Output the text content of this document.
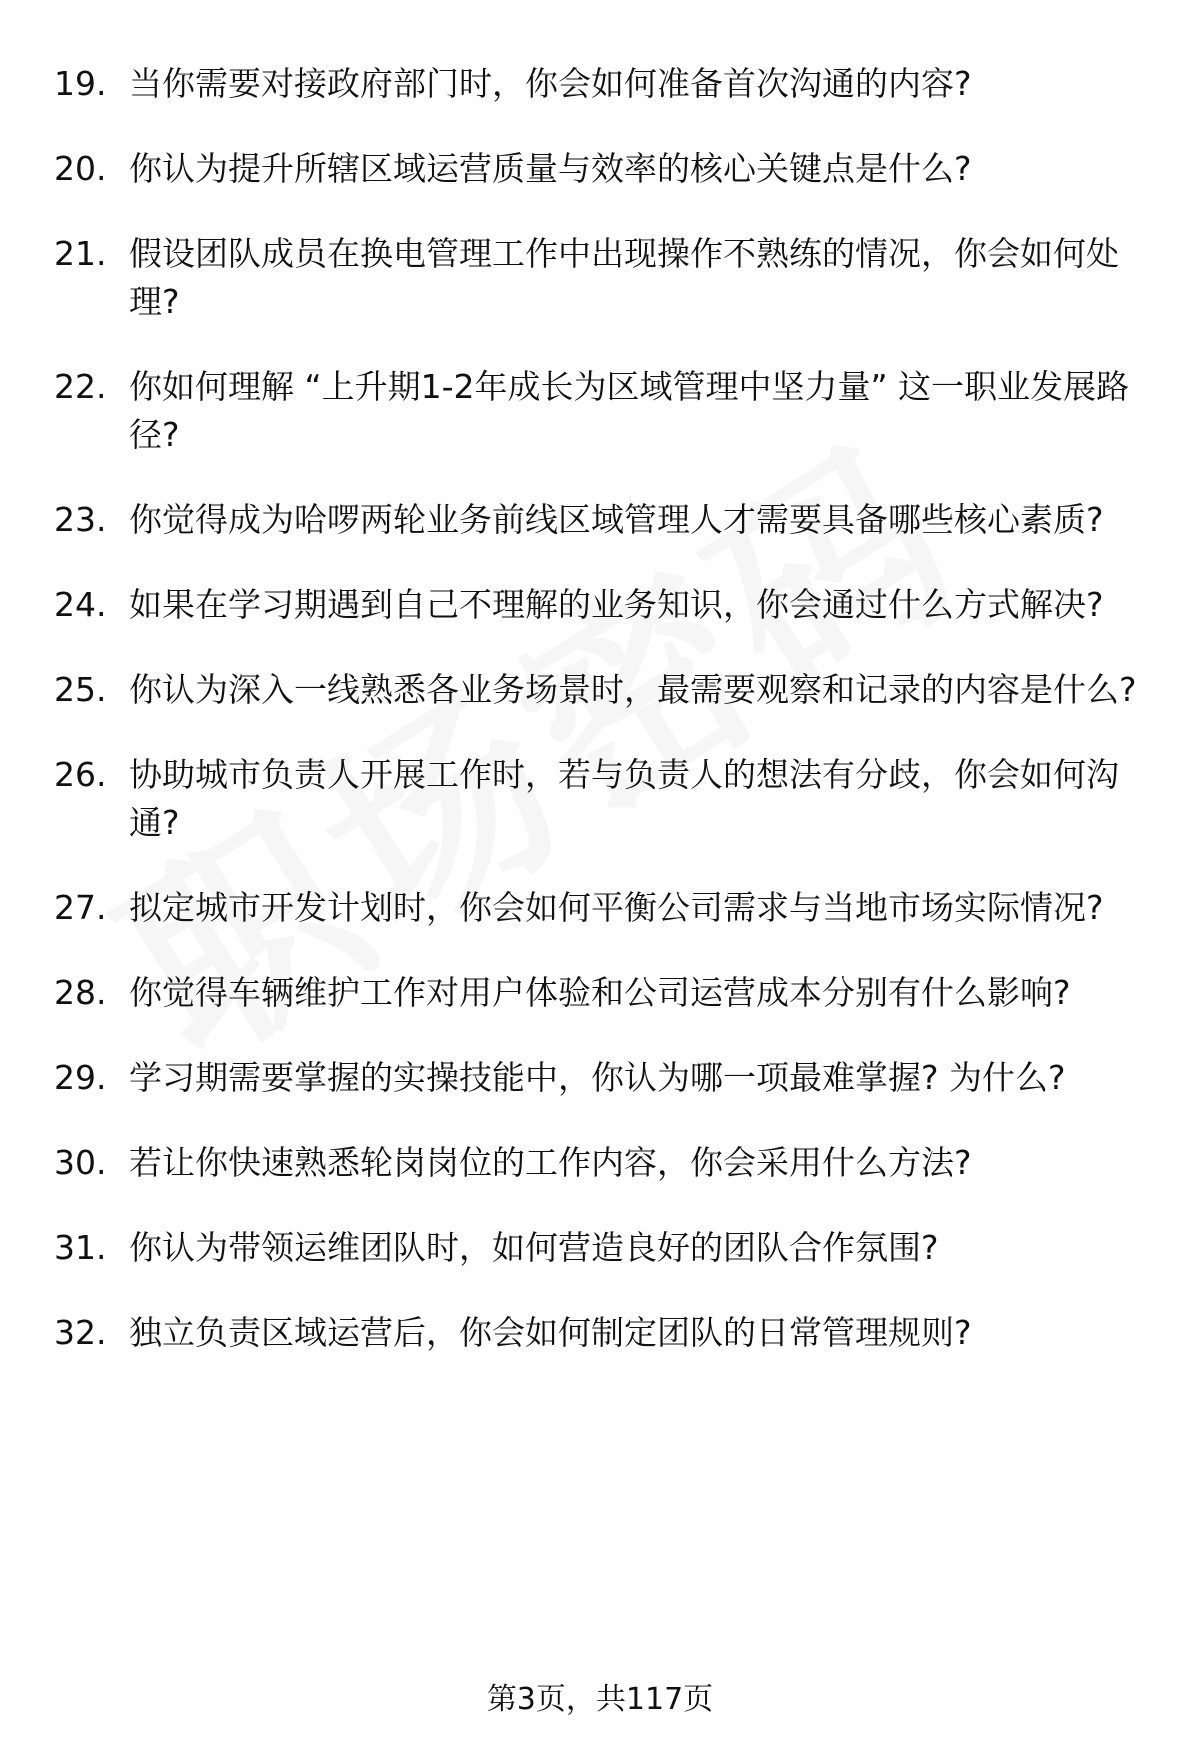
19. 当你需要对接政府部门时，你会如何准备首次沟通的内容?
20. 你认为提升所辖区域运营质量与效率的核心关键点是什么?
21. 假设团队成员在换电管理工作中出现操作不熟练的情况，你会如何处理?
22. 你如何理解 “上升期1-2年成长为区域管理中坚力量” 这一职业发展路径?
23. 你觉得成为哈啰两轮业务前线区域管理人才需要具备哪些核心素质?
24. 如果在学习期遇到自己不理解的业务知识，你会通过什么方式解决?
25. 你认为深入一线熟悉各业务场景时，最需要观察和记录的内容是什么?
26. 协助城市负责人开展工作时，若与负责人的想法有分歧，你会如何沟通?
27. 拟定城市开发计划时，你会如何平衡公司需求与当地市场实际情况?
28. 你觉得车辆维护工作对用户体验和公司运营成本分别有什么影响?
29. 学习期需要掌握的实操技能中，你认为哪一项最难掌握? 为什么?
30. 若让你快速熟悉轮岗岗位的工作内容，你会采用什么方法?
31. 你认为带领运维团队时，如何营造良好的团队合作氛围?
32. 独立负责区域运营后，你会如何制定团队的日常管理规则?
第3页，共117页
